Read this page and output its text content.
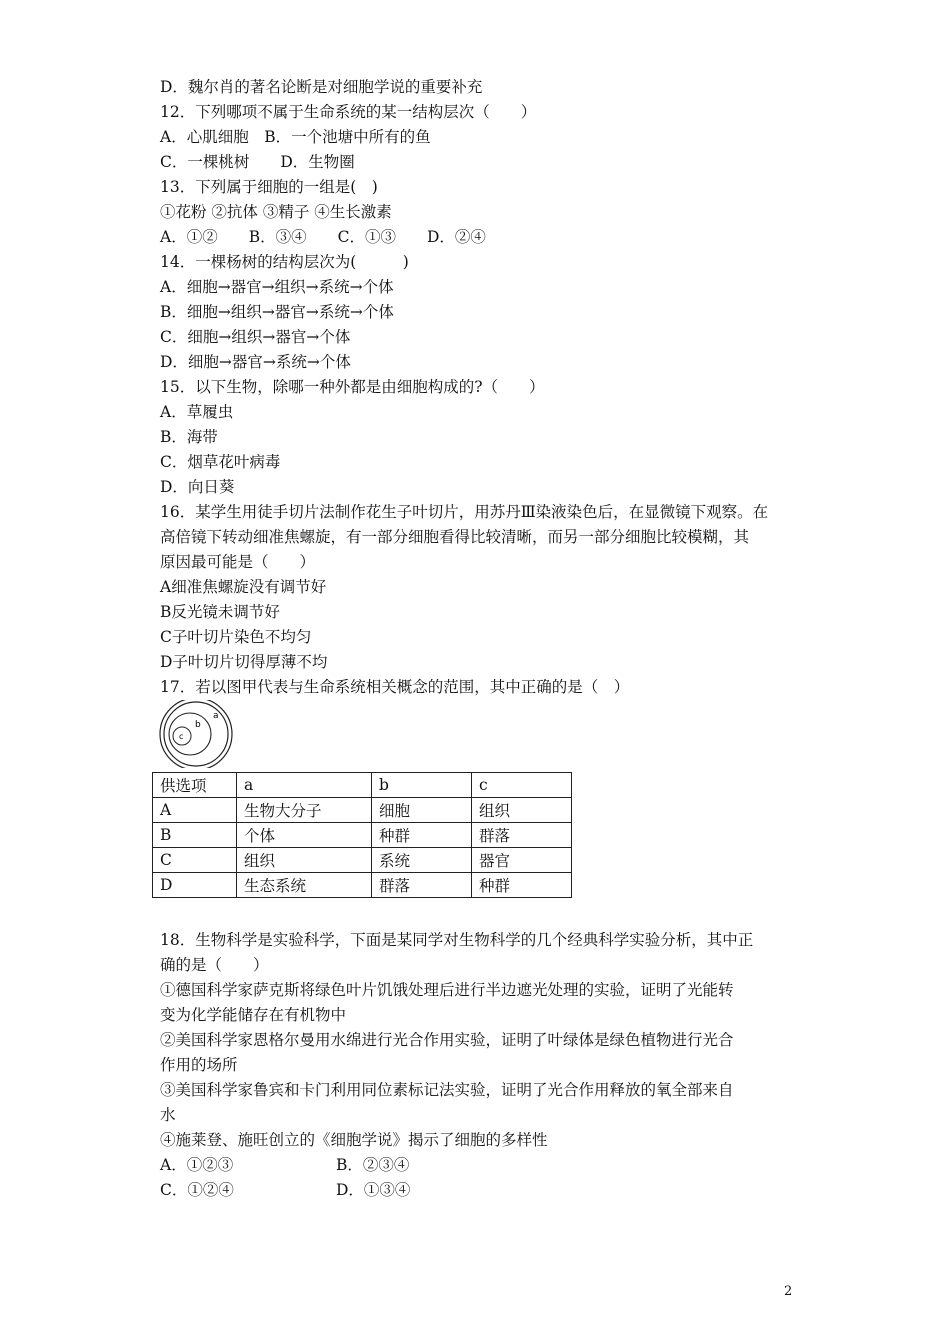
D．魏尔肖的著名论断是对细胞学说的重要补充
12．下列哪项不属于生命系统的某一结构层次（　　）
A．心肌细胞　B．一个池塘中所有的鱼
C．一棵桃树　　D．生物圈
13．下列属于细胞的一组是(　)
①花粉 ②抗体 ③精子 ④生长激素
A．①②　　B．③④　　C．①③　　D．②④
14．一棵杨树的结构层次为(　　　)
A．细胞→器官→组织→系统→个体
B．细胞→组织→器官→系统→个体
C．细胞→组织→器官→个体
D．细胞→器官→系统→个体
15．以下生物，除哪一种外都是由细胞构成的?（　　）
A．草履虫
B．海带
C．烟草花叶病毒
D．向日葵
16．某学生用徒手切片法制作花生子叶切片，用苏丹Ⅲ染液染色后，在显微镜下观察。在
高倍镜下转动细准焦螺旋，有一部分细胞看得比较清晰，而另一部分细胞比较模糊，其
原因最可能是（　　）
A细准焦螺旋没有调节好
B反光镜未调节好
C子叶切片染色不均匀
D子叶切片切得厚薄不均
17．若以图甲代表与生命系统相关概念的范围，其中正确的是（　）
a
b
c
供选项	a	b	c
A	生物大分子	细胞	组织
B	个体	种群	群落
C	组织	系统	器官
D	生态系统	群落	种群
18．生物科学是实验科学，下面是某同学对生物科学的几个经典科学实验分析，其中正
确的是（　　）
①德国科学家萨克斯将绿色叶片饥饿处理后进行半边遮光处理的实验，证明了光能转
变为化学能储存在有机物中
②美国科学家恩格尔曼用水绵进行光合作用实验，证明了叶绿体是绿色植物进行光合
作用的场所
③美国科学家鲁宾和卡门利用同位素标记法实验，证明了光合作用释放的氧全部来自
水
④施莱登、施旺创立的《细胞学说》揭示了细胞的多样性
A．①②③	B．②③④
C．①②④	D．①③④
2
